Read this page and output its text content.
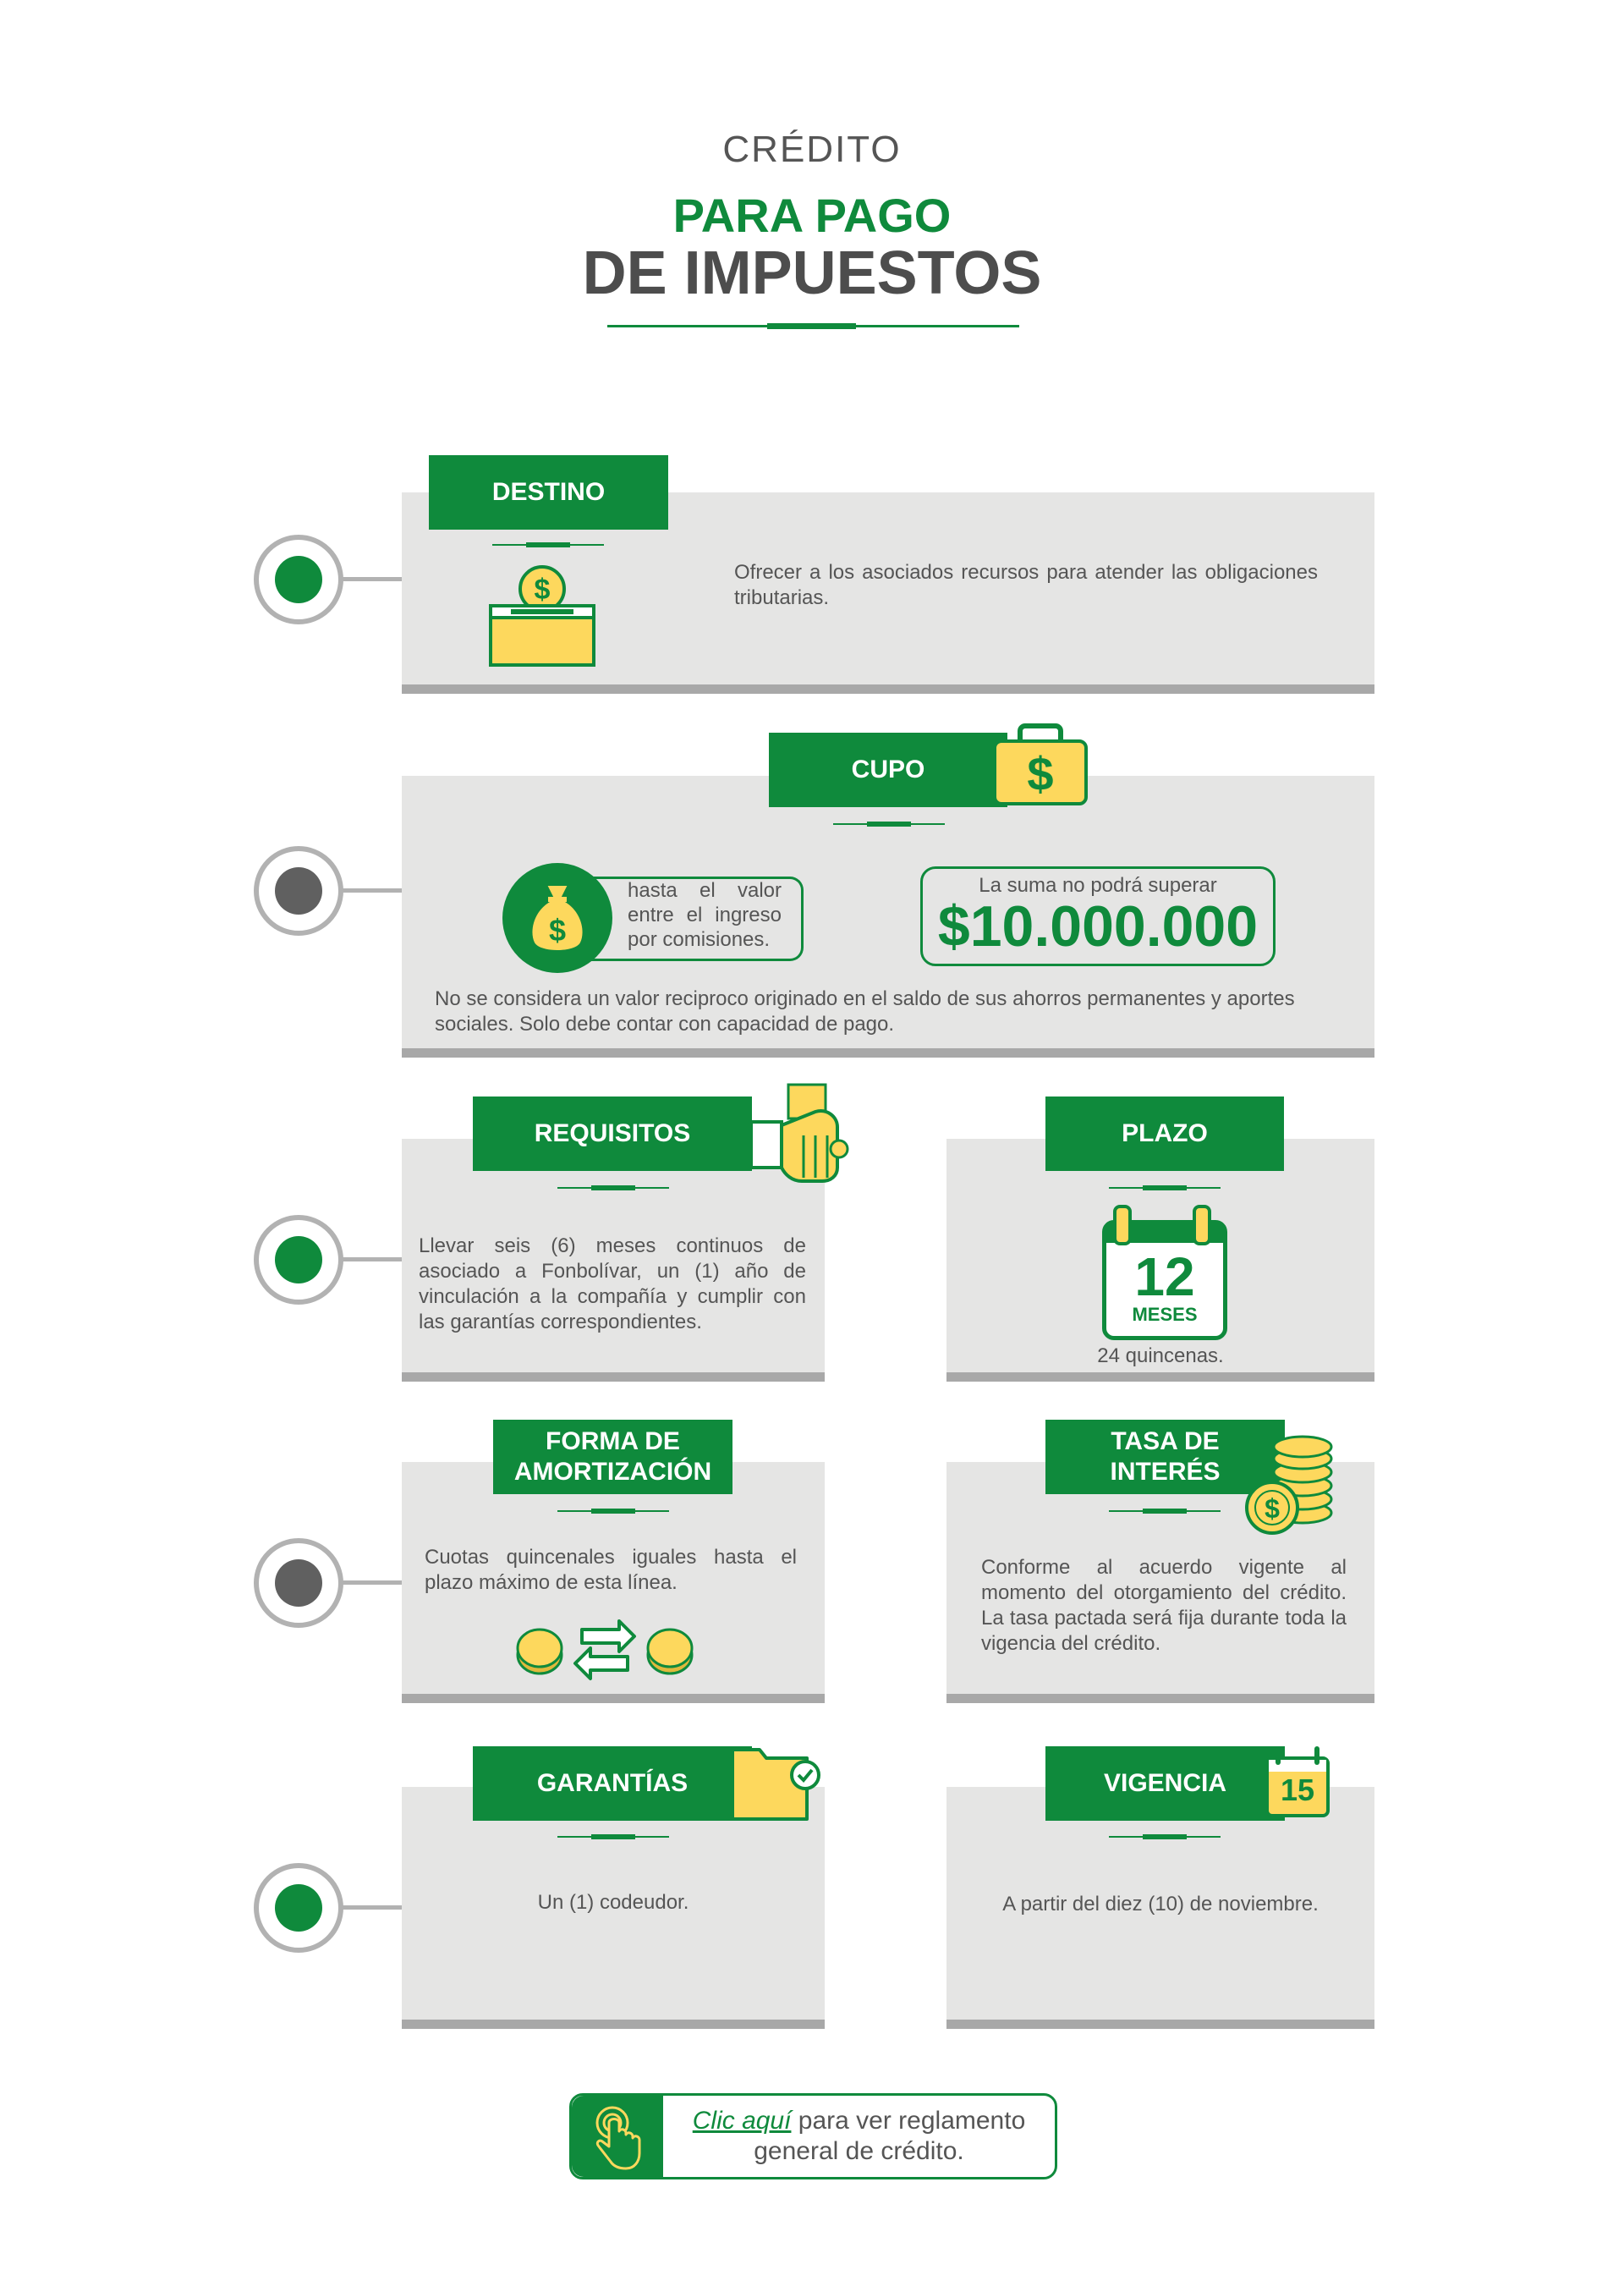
CRÉDITO
PARA PAGO
DE IMPUESTOS
DESTINO
$
Ofrecer a los asociados recursos para atender las obligaciones tributarias.
CUPO	$
$
hasta el valor entre el ingreso por comisiones.
La suma no podrá superar
$10.000.000
No se considera un valor reciproco originado en el saldo de sus ahorros permanentes y aportes sociales. Solo debe contar con capacidad de pago.
REQUISITOS
Llevar seis (6) meses continuos de asociado a Fonbolívar, un (1) año de vinculación a la compañía y cumplir con las garantías correspondientes.
PLAZO
12
MESES
24 quincenas.
FORMA DE
AMORTIZACIÓN
Cuotas quincenales iguales hasta el plazo máximo de esta línea.
TASA DE
INTERÉS
$
Conforme al acuerdo vigente al momento del otorgamiento del crédito. La tasa pactada será fija durante toda la vigencia del crédito.
GARANTÍAS
Un (1) codeudor.
VIGENCIA	15
A partir del diez (10) de noviembre.
Clic aquí para ver reglamento
general de crédito.
